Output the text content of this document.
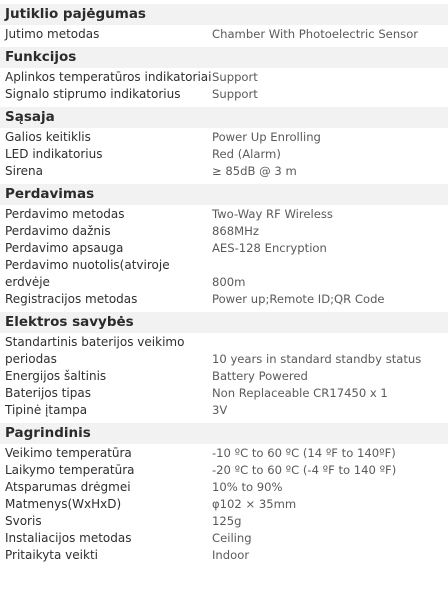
Jutiklio pajėgumas
Jutimo metodas	Chamber With Photoelectric Sensor
Funkcijos
Aplinkos temperatūros indikatoriai Support
Signalo stiprumo indikatorius	Support
Sąsaja
Galios keitiklis	Power Up Enrolling
LED indikatorius	Red (Alarm)
Sirena	≥ 85dB @ 3 m
Perdavimas
Perdavimo metodas	Two-Way RF Wireless
Perdavimo dažnis	868MHz
Perdavimo apsauga	AES-128 Encryption
Perdavimo nuotolis(atviroje erdvėje	800m
Registracijos metodas	Power up;Remote ID;QR Code
Elektros savybės
Standartinis baterijos veikimo periodas	10 years in standard standby status
Energijos šaltinis	Battery Powered
Baterijos tipas	Non Replaceable CR17450 x 1
Tipinė įtampa	3V
Pagrindinis
Veikimo temperatūra	-10 ºC to 60 ºC (14 ºF to 140ºF)
Laikymo temperatūra	-20 ºC to 60 ºC (-4 ºF to 140 ºF)
Atsparumas drėgmei	10% to 90%
Matmenys(WxHxD)	φ102 × 35mm
Svoris	125g
Instaliacijos metodas	Ceiling
Pritaikyta veikti	Indoor
